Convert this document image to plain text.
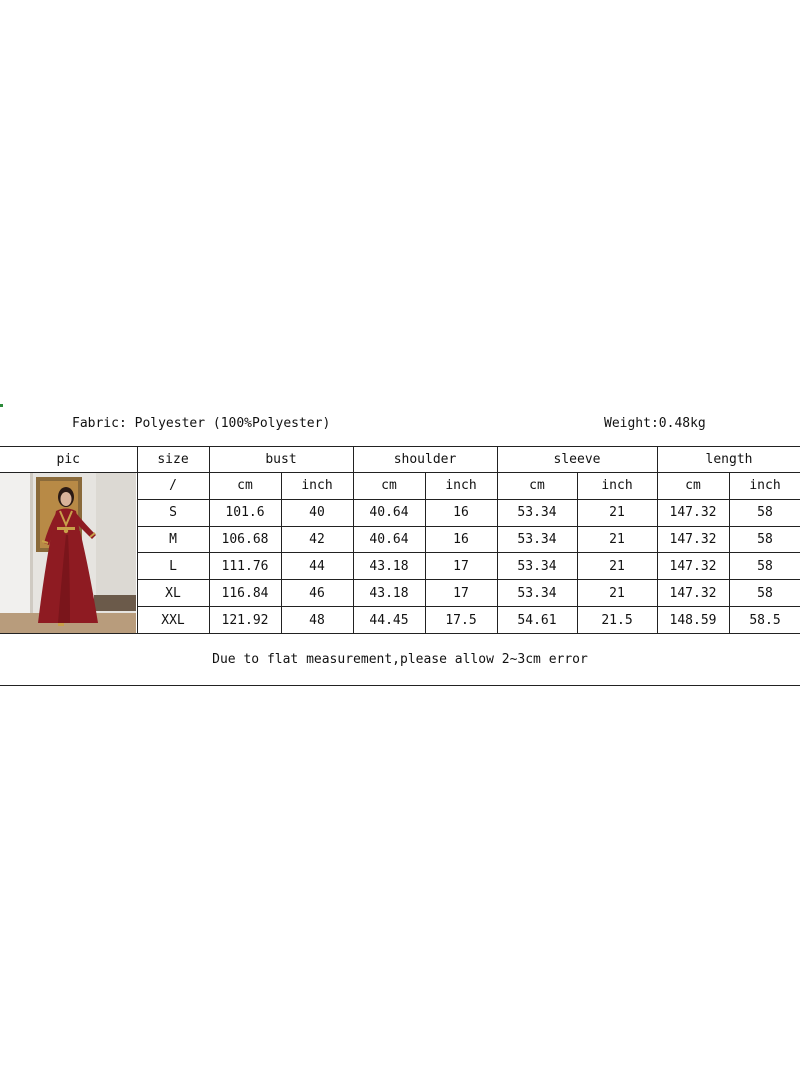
Fabric: Polyester (100%Polyester)	Weight:0.48kg
pic	size	bust		shoulder		sleeve		length	

	/	cm	inch	cm	inch	cm	inch	cm	inch
	S	101.6	40	40.64	16	53.34	21	147.32	58
	M	106.68	42	40.64	16	53.34	21	147.32	58
	L	111.76	44	43.18	17	53.34	21	147.32	58
	XL	116.84	46	43.18	17	53.34	21	147.32	58
	XXL	121.92	48	44.45	17.5	54.61	21.5	148.59	58.5
Due to flat measurement,please allow 2~3cm error
